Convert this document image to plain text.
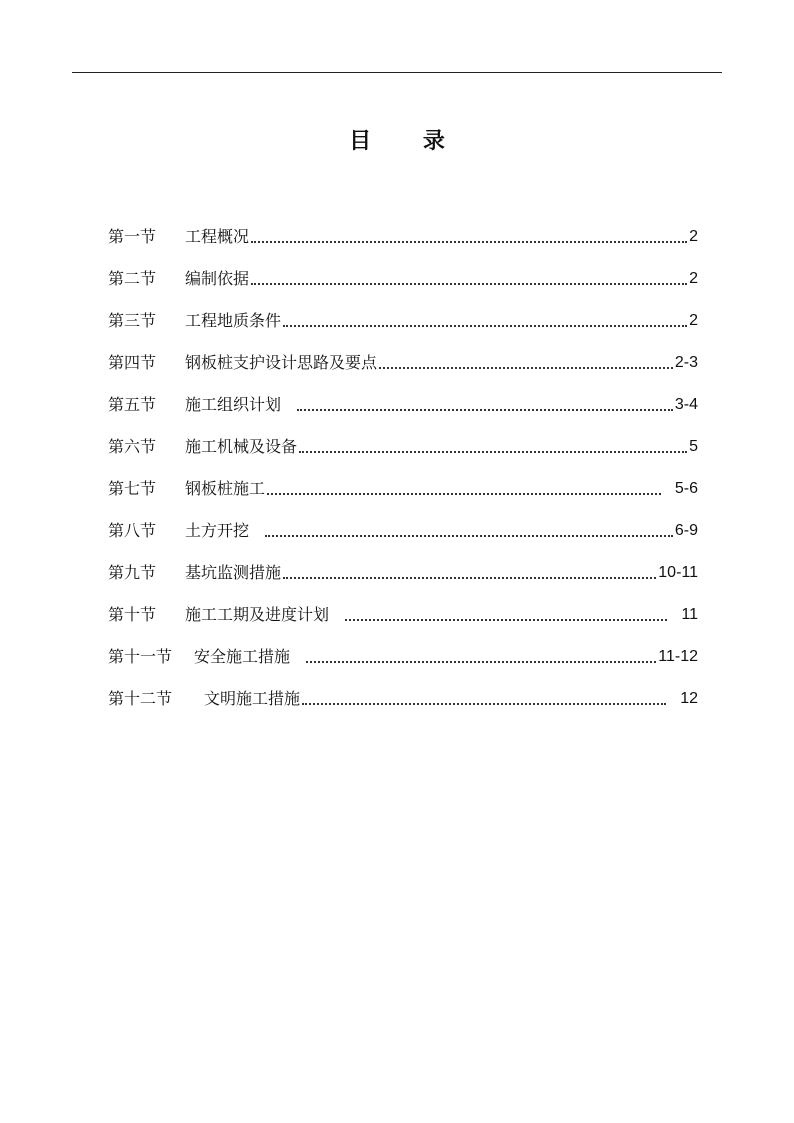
目 录
第一节	工程概况	2
第二节	编制依据	2
第三节	工程地质条件	2
第四节	钢板桩支护设计思路及要点	2-3
第五节	施工组织计划	3-4
第六节	施工机械及设备	5
第七节	钢板桩施工	5-6
第八节	土方开挖	6-9
第九节	基坑监测措施	10-11
第十节	施工工期及进度计划	11
第十一节	安全施工措施	11-12
第十二节	文明施工措施	12
